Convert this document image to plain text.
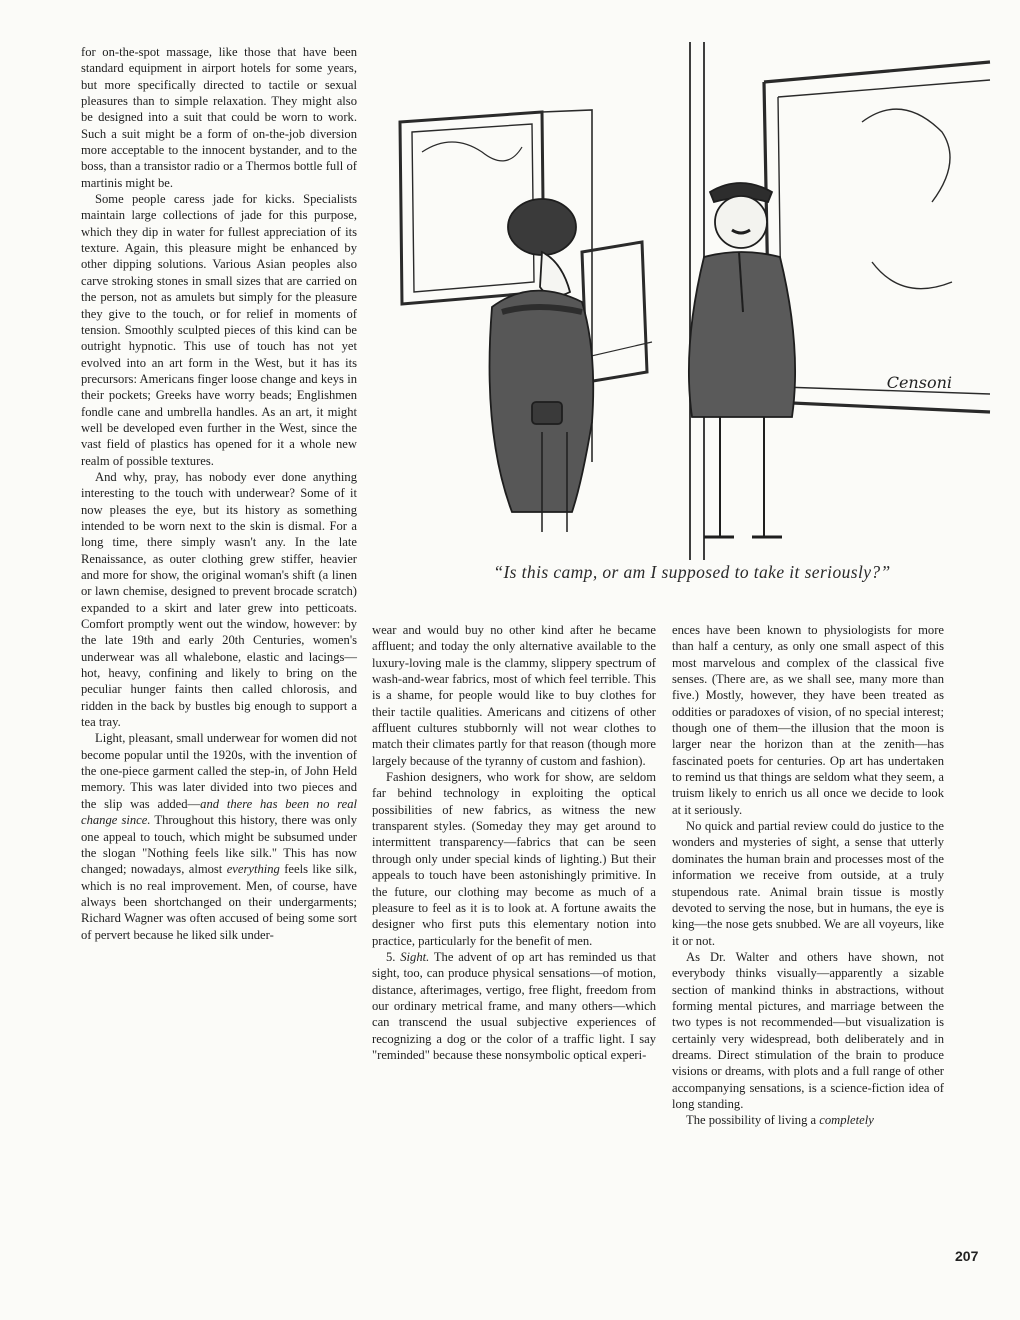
for on-the-spot massage, like those that have been standard equipment in airport hotels for some years, but more specifically directed to tactile or sexual pleasures than to simple relaxation. They might also be designed into a suit that could be worn to work. Such a suit might be a form of on-the-job diversion more acceptable to the innocent bystander, and to the boss, than a transistor radio or a Thermos bottle full of martinis might be.

Some people caress jade for kicks. Specialists maintain large collections of jade for this purpose, which they dip in water for fullest appreciation of its texture. Again, this pleasure might be enhanced by other dipping solutions. Various Asian peoples also carve stroking stones in small sizes that are carried on the person, not as amulets but simply for the pleasure they give to the touch, or for relief in moments of tension. Smoothly sculpted pieces of this kind can be outright hypnotic. This use of touch has not yet evolved into an art form in the West, but it has its precursors: Americans finger loose change and keys in their pockets; Greeks have worry beads; Englishmen fondle cane and umbrella handles. As an art, it might well be developed even further in the West, since the vast field of plastics has opened for it a whole new realm of possible textures.

And why, pray, has nobody ever done anything interesting to the touch with underwear? Some of it now pleases the eye, but its history as something intended to be worn next to the skin is dismal. For a long time, there simply wasn't any. In the late Renaissance, as outer clothing grew stiffer, heavier and more for show, the original woman's shift (a linen or lawn chemise, designed to prevent brocade scratch) expanded to a skirt and later grew into petticoats. Comfort promptly went out the window, however: by the late 19th and early 20th Centuries, women's underwear was all whalebone, elastic and lacings—hot, heavy, confining and likely to bring on the peculiar hunger faints then called chlorosis, and ridden in the back by bustles big enough to support a tea tray.

Light, pleasant, small underwear for women did not become popular until the 1920s, with the invention of the one-piece garment called the step-in, of John Held memory. This was later divided into two pieces and the slip was added—and there has been no real change since. Throughout this history, there was only one appeal to touch, which might be subsumed under the slogan "Nothing feels like silk." This has now changed; nowadays, almost everything feels like silk, which is no real improvement. Men, of course, have always been shortchanged on their undergarments; Richard Wagner was often accused of being some sort of pervert because he liked silk under-

Censoni
“Is this camp, or am I supposed to take it seriously?”

wear and would buy no other kind after he became affluent; and today the only alternative available to the luxury-loving male is the clammy, slippery spectrum of wash-and-wear fabrics, most of which feel terrible. This is a shame, for people would like to buy clothes for their tactile qualities. Americans and citizens of other affluent cultures stubbornly will not wear clothes to match their climates partly for that reason (though more largely because of the tyranny of custom and fashion).

Fashion designers, who work for show, are seldom far behind technology in exploiting the optical possibilities of new fabrics, as witness the new transparent styles. (Someday they may get around to intermittent transparency—fabrics that can be seen through only under special kinds of lighting.) But their appeals to touch have been astonishingly primitive. In the future, our clothing may become as much of a pleasure to feel as it is to look at. A fortune awaits the designer who first puts this elementary notion into practice, particularly for the benefit of men.

5. Sight. The advent of op art has reminded us that sight, too, can produce physical sensations—of motion, distance, afterimages, vertigo, free flight, freedom from our ordinary metrical frame, and many others—which can transcend the usual subjective experiences of recognizing a dog or the color of a traffic light. I say "reminded" because these nonsymbolic optical experi-

ences have been known to physiologists for more than half a century, as only one small aspect of this most marvelous and complex of the classical five senses. (There are, as we shall see, many more than five.) Mostly, however, they have been treated as oddities or paradoxes of vision, of no special interest; though one of them—the illusion that the moon is larger near the horizon than at the zenith—has fascinated poets for centuries. Op art has undertaken to remind us that things are seldom what they seem, a truism likely to enrich us all once we decide to look at it seriously.

No quick and partial review could do justice to the wonders and mysteries of sight, a sense that utterly dominates the human brain and processes most of the information we receive from outside, at a truly stupendous rate. Animal brain tissue is mostly devoted to serving the nose, but in humans, the eye is king—the nose gets snubbed. We are all voyeurs, like it or not.

As Dr. Walter and others have shown, not everybody thinks visually—apparently a sizable section of mankind thinks in abstractions, without forming mental pictures, and marriage between the two types is not recommended—but visualization is certainly very widespread, both deliberately and in dreams. Direct stimulation of the brain to produce visions or dreams, with plots and a full range of other accompanying sensations, is a science-fiction idea of long standing.

The possibility of living a completely

207
